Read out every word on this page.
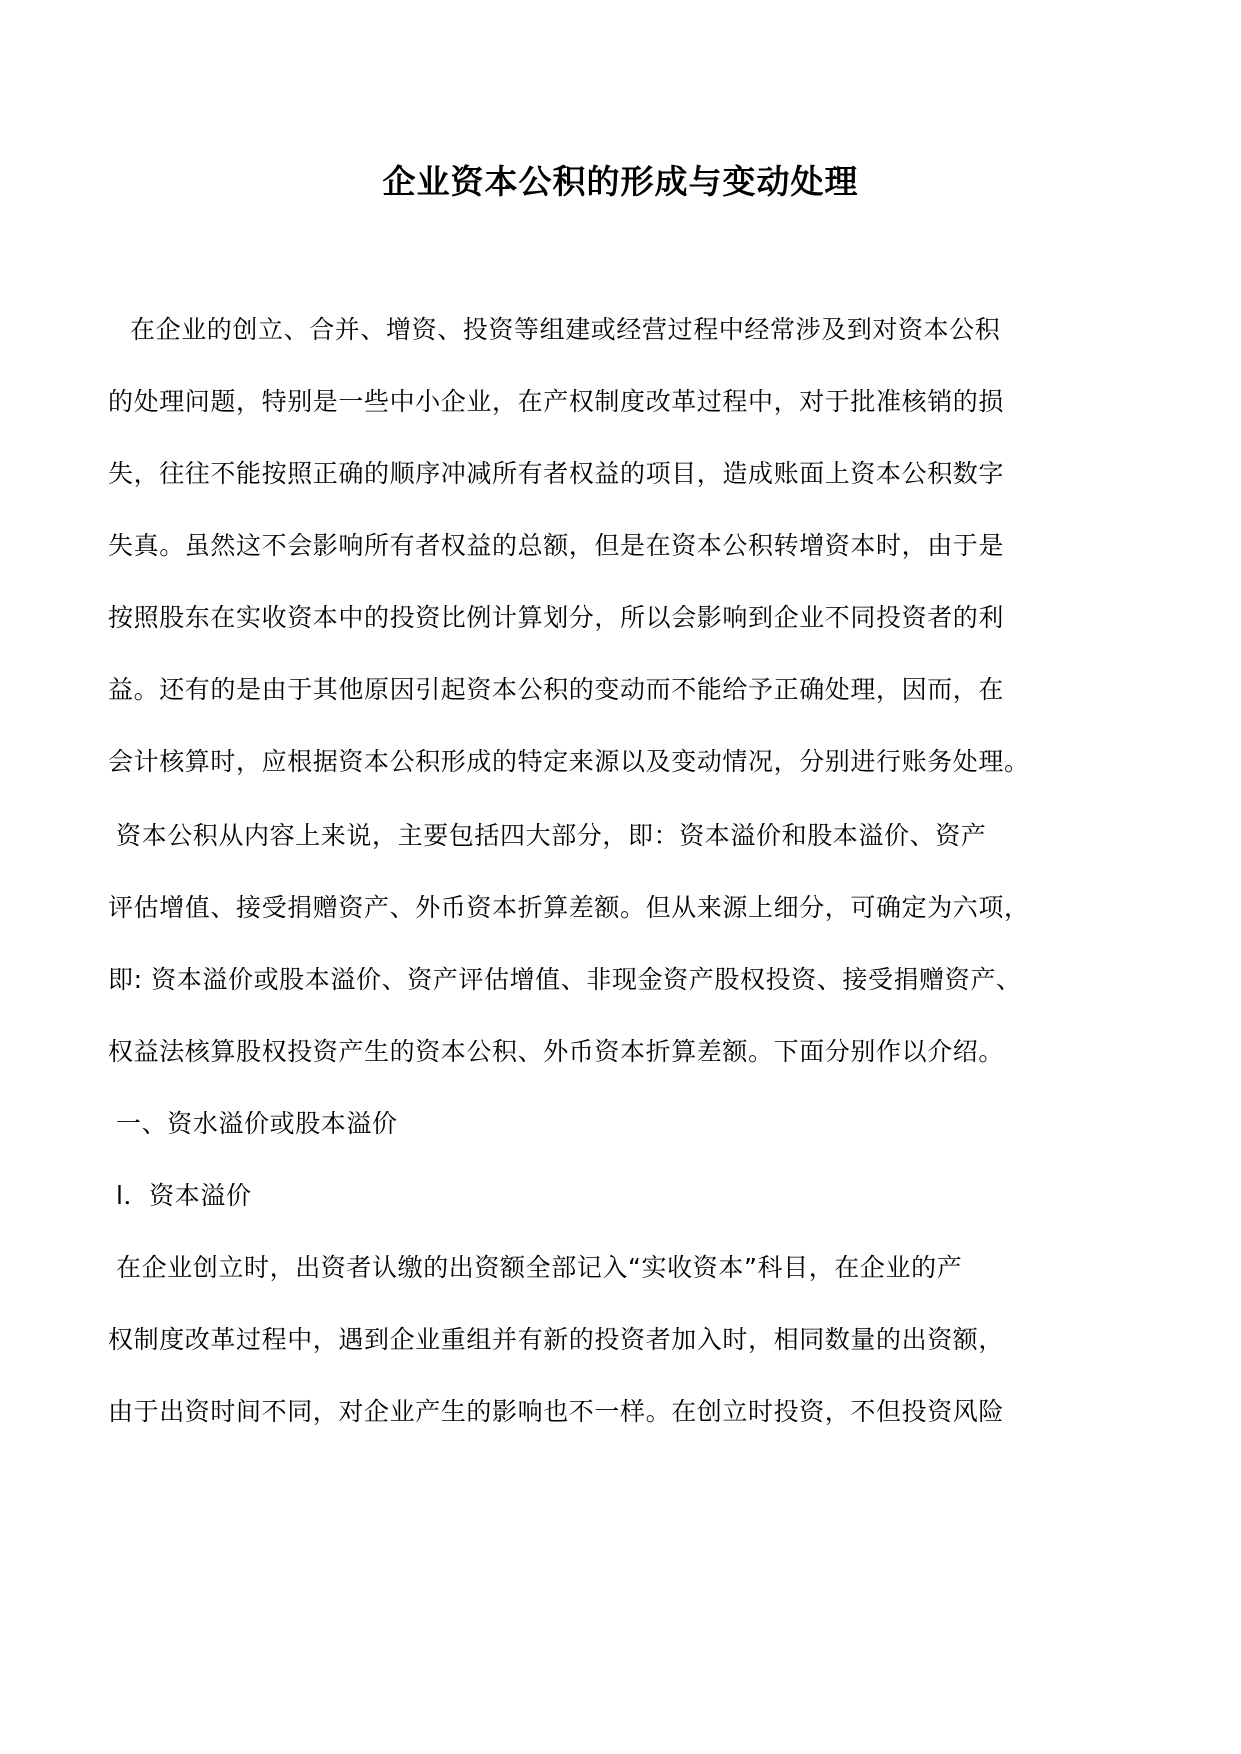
企业资本公积的形成与变动处理
在企业的创立、合并、增资、投资等组建或经营过程中经常涉及到对资本公积
的处理问题，特别是一些中小企业，在产权制度改革过程中，对于批准核销的损
失，往往不能按照正确的顺序冲减所有者权益的项目，造成账面上资本公积数字
失真。虽然这不会影响所有者权益的总额，但是在资本公积转增资本时，由于是
按照股东在实收资本中的投资比例计算划分，所以会影响到企业不同投资者的利
益。还有的是由于其他原因引起资本公积的变动而不能给予正确处理，因而，在
会计核算时，应根据资本公积形成的特定来源以及变动情况，分别进行账务处理。
资本公积从内容上来说，主要包括四大部分，即：资本溢价和股本溢价、资产
评估增值、接受捐赠资产、外币资本折算差额。但从来源上细分，可确定为六项，
即: 资本溢价或股本溢价、资产评估增值、非现金资产股权投资、接受捐赠资产、
权益法核算股权投资产生的资本公积、外币资本折算差额。下面分别作以介绍。
一、资水溢价或股本溢价
l．资本溢价
在企业创立时，出资者认缴的出资额全部记入“实收资本”科目，在企业的产
权制度改革过程中，遇到企业重组并有新的投资者加入时，相同数量的出资额，
由于出资时间不同，对企业产生的影响也不一样。在创立时投资，不但投资风险
